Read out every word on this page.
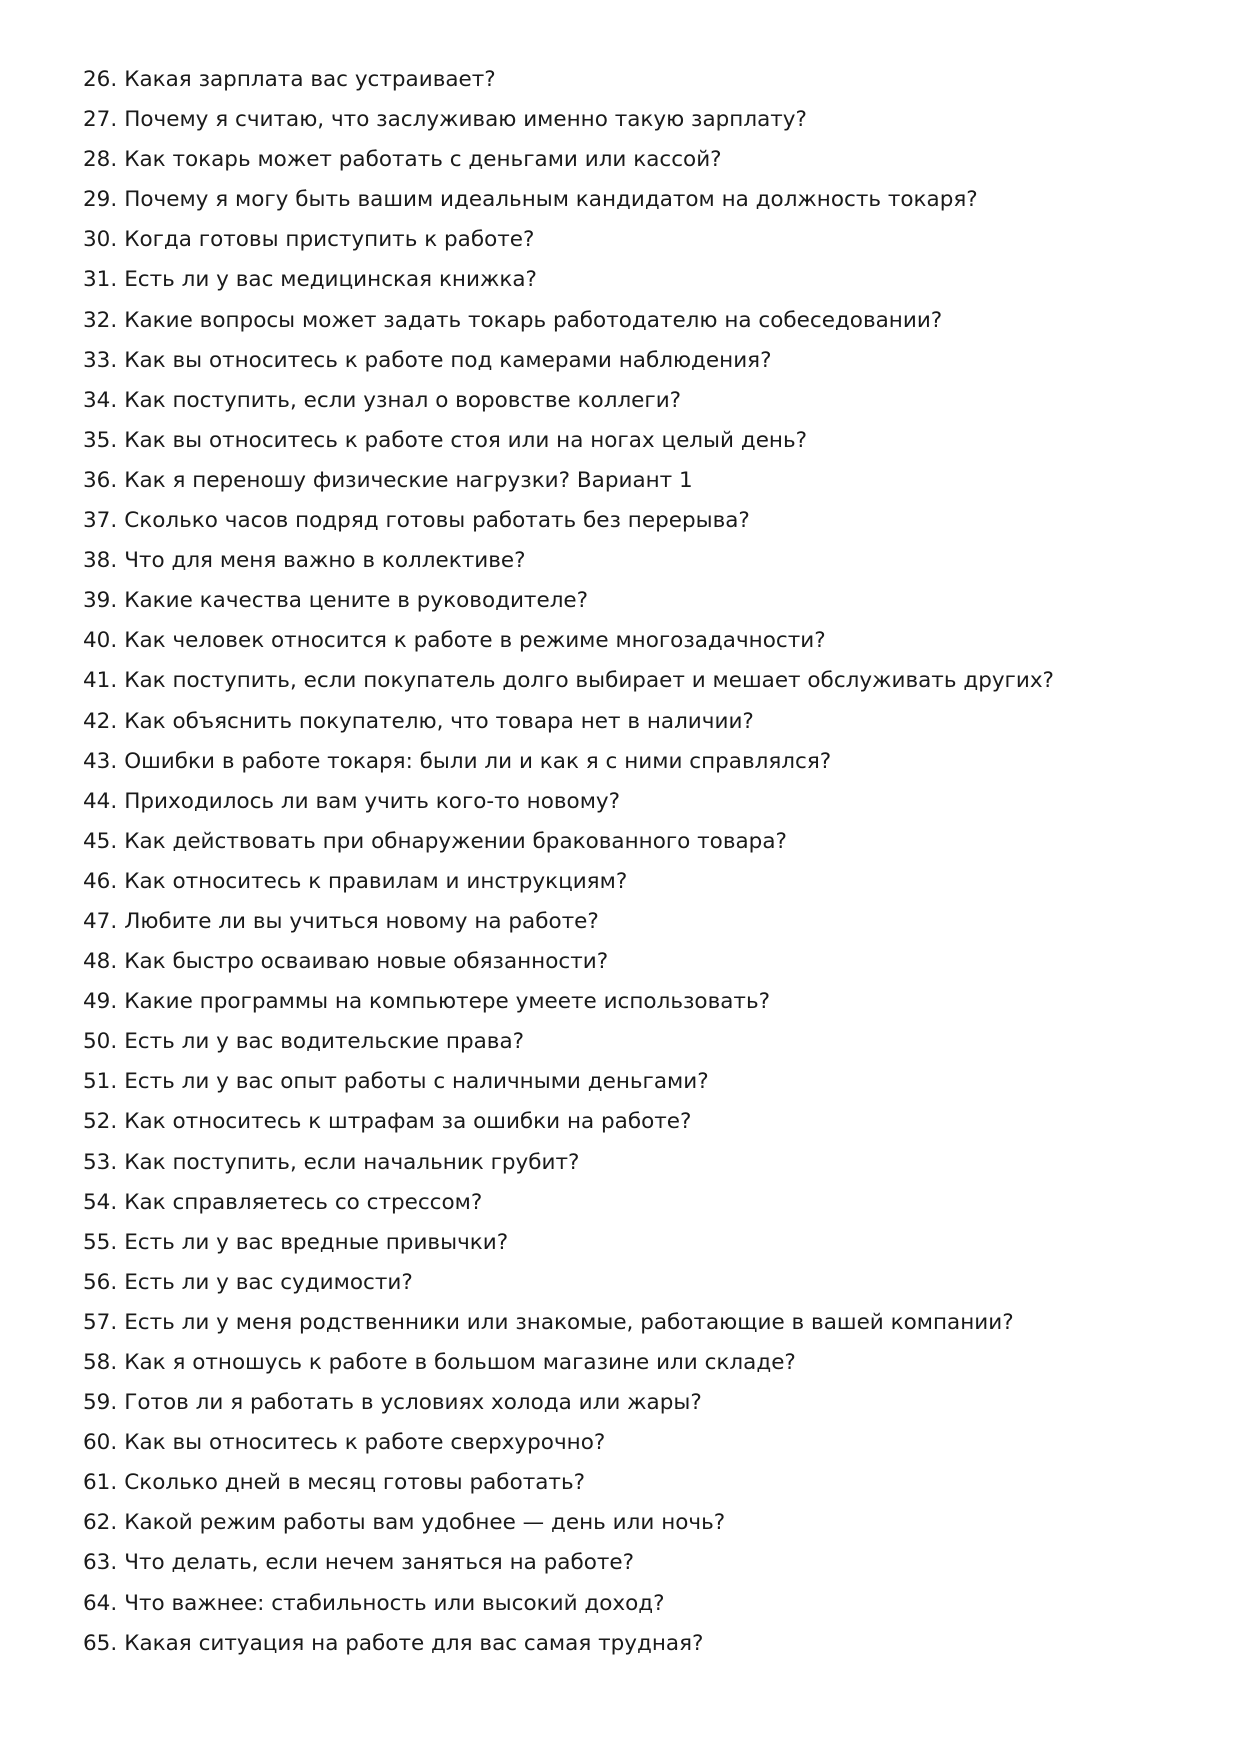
26. Какая зарплата вас устраивает?
27. Почему я считаю, что заслуживаю именно такую зарплату?
28. Как токарь может работать с деньгами или кассой?
29. Почему я могу быть вашим идеальным кандидатом на должность токаря?
30. Когда готовы приступить к работе?
31. Есть ли у вас медицинская книжка?
32. Какие вопросы может задать токарь работодателю на собеседовании?
33. Как вы относитесь к работе под камерами наблюдения?
34. Как поступить, если узнал о воровстве коллеги?
35. Как вы относитесь к работе стоя или на ногах целый день?
36. Как я переношу физические нагрузки? Вариант 1
37. Сколько часов подряд готовы работать без перерыва?
38. Что для меня важно в коллективе?
39. Какие качества цените в руководителе?
40. Как человек относится к работе в режиме многозадачности?
41. Как поступить, если покупатель долго выбирает и мешает обслуживать других?
42. Как объяснить покупателю, что товара нет в наличии?
43. Ошибки в работе токаря: были ли и как я с ними справлялся?
44. Приходилось ли вам учить кого-то новому?
45. Как действовать при обнаружении бракованного товара?
46. Как относитесь к правилам и инструкциям?
47. Любите ли вы учиться новому на работе?
48. Как быстро осваиваю новые обязанности?
49. Какие программы на компьютере умеете использовать?
50. Есть ли у вас водительские права?
51. Есть ли у вас опыт работы с наличными деньгами?
52. Как относитесь к штрафам за ошибки на работе?
53. Как поступить, если начальник грубит?
54. Как справляетесь со стрессом?
55. Есть ли у вас вредные привычки?
56. Есть ли у вас судимости?
57. Есть ли у меня родственники или знакомые, работающие в вашей компании?
58. Как я отношусь к работе в большом магазине или складе?
59. Готов ли я работать в условиях холода или жары?
60. Как вы относитесь к работе сверхурочно?
61. Сколько дней в месяц готовы работать?
62. Какой режим работы вам удобнее — день или ночь?
63. Что делать, если нечем заняться на работе?
64. Что важнее: стабильность или высокий доход?
65. Какая ситуация на работе для вас самая трудная?
